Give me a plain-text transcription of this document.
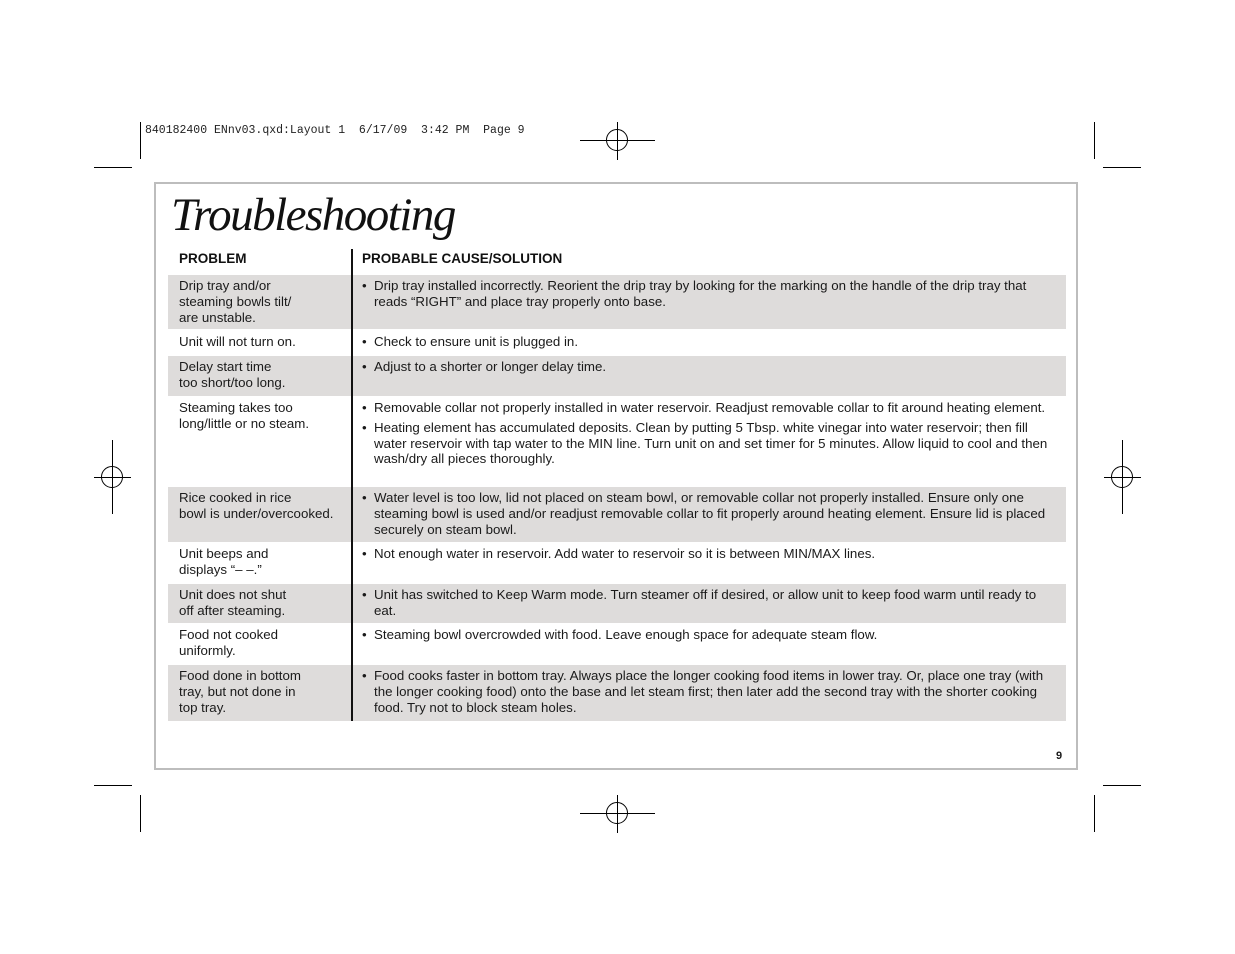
840182400 ENnv03.qxd:Layout 1  6/17/09  3:42 PM  Page 9
Troubleshooting
PROBLEM	PROBABLE CAUSE/SOLUTION
Drip tray and/or
steaming bowls tilt/
are unstable.
• Drip tray installed incorrectly. Reorient the drip tray by looking for the marking on the handle of the drip tray that reads “RIGHT” and place tray properly onto base.
Unit will not turn on.
•	Check to ensure unit is plugged in.
Delay start time
too short/too long.
• Adjust to a shorter or longer delay time.
Steaming takes too
long/little or no steam.
• Removable collar not properly installed in water reservoir. Readjust removable collar to fit around heating element.
• Heating element has accumulated deposits. Clean by putting 5 Tbsp. white vinegar into water reservoir; then fill water reservoir with tap water to the MIN line. Turn unit on and set timer for 5 minutes. Allow liquid to cool and then wash/dry all pieces thoroughly.
Rice cooked in rice
bowl is under/overcooked.
• Water level is too low, lid not placed on steam bowl, or removable collar not properly installed. Ensure only one steaming bowl is used and/or readjust removable collar to fit properly around heating element. Ensure lid is placed securely on steam bowl.
Unit beeps and
displays “– –.”
• Not enough water in reservoir. Add water to reservoir so it is between MIN/MAX lines.
Unit does not shut
off after steaming.
• Unit has switched to Keep Warm mode. Turn steamer off if desired, or allow unit to keep food warm until ready to eat.
Food not cooked
uniformly.
• Steaming bowl overcrowded with food. Leave enough space for adequate steam flow.
Food done in bottom
tray, but not done in
top tray.
• Food cooks faster in bottom tray. Always place the longer cooking food items in lower tray. Or, place one tray (with the longer cooking food) onto the base and let steam first; then later add the second tray with the shorter cooking food. Try not to block steam holes.
9
